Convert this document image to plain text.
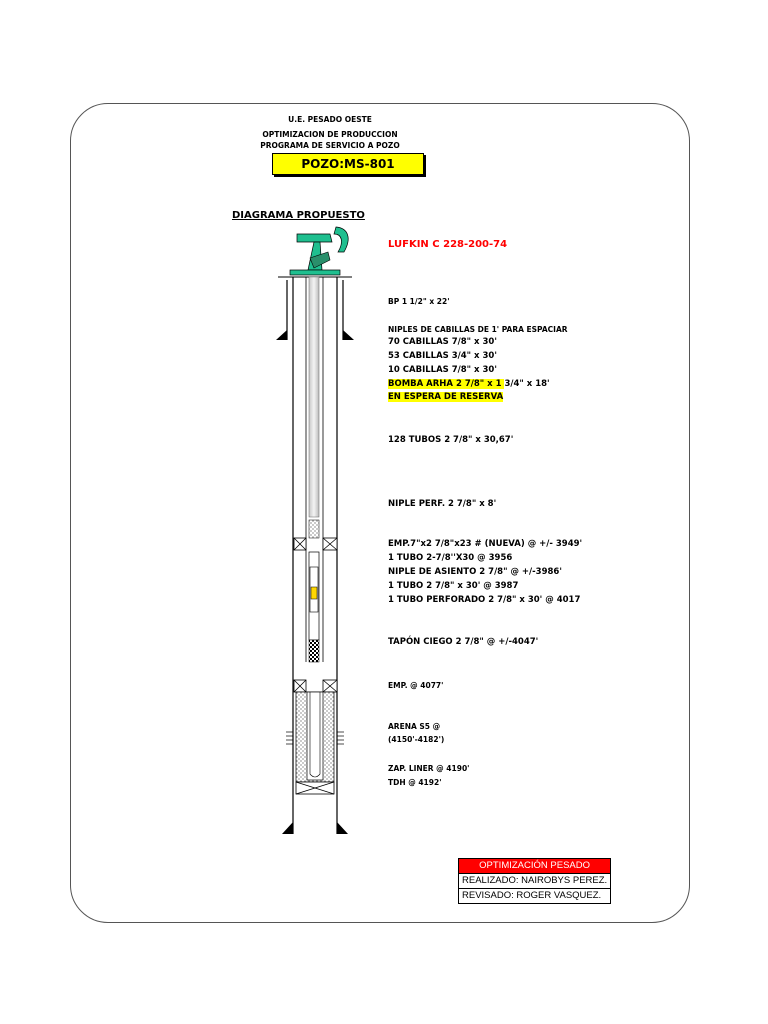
U.E. PESADO OESTE
OPTIMIZACION DE PRODUCCION
PROGRAMA DE SERVICIO A POZO
POZO:MS-801
DIAGRAMA PROPUESTO
LUFKIN C 228-200-74
BP 1 1/2" x 22'
NIPLES DE CABILLAS DE 1' PARA ESPACIAR
70 CABILLAS 7/8" x 30'
53 CABILLAS 3/4" x 30'
10 CABILLAS 7/8" x 30'
BOMBA ARHA 2 7/8" x 1 3/4" x 18'
EN ESPERA DE RESERVA
128 TUBOS 2 7/8" x 30,67'
NIPLE PERF. 2 7/8" x 8'
EMP.7"x2 7/8"x23 # (NUEVA) @ +/- 3949'
1 TUBO 2-7/8''X30 @ 3956
NIPLE DE ASIENTO 2 7/8" @ +/-3986'
1 TUBO 2 7/8" x 30' @ 3987
1 TUBO PERFORADO 2 7/8" x 30' @ 4017
TAPÓN CIEGO 2 7/8" @ +/-4047'
EMP. @ 4077'
ARENA S5 @
(4150'-4182')
ZAP. LINER @ 4190'
TDH @ 4192'
OPTIMIZACIÓN PESADO
REALIZADO: NAIROBYS PEREZ.
REVISADO: ROGER VASQUEZ.
